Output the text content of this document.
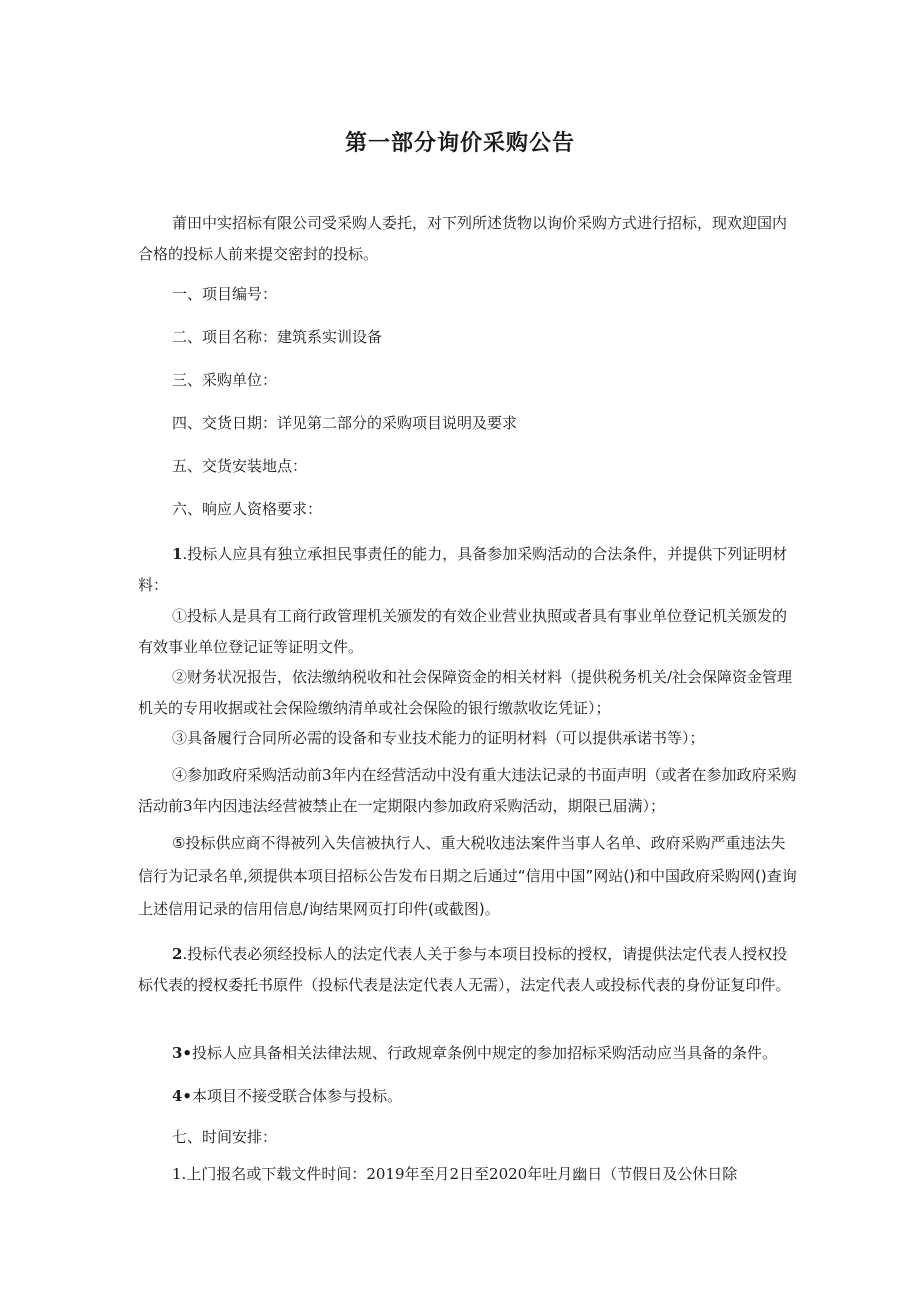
第一部分询价采购公告
莆田中实招标有限公司受采购人委托，对下列所述货物以询价采购方式进行招标，现欢迎国内合格的投标人前来提交密封的投标。
一、项目编号：
二、项目名称：建筑系实训设备
三、采购单位：
四、交货日期：详见第二部分的采购项目说明及要求
五、交货安装地点：
六、响应人资格要求：
1.投标人应具有独立承担民事责任的能力，具备参加采购活动的合法条件，并提供下列证明材料：
①投标人是具有工商行政管理机关颁发的有效企业营业执照或者具有事业单位登记机关颁发的有效事业单位登记证等证明文件。
②财务状况报告，依法缴纳税收和社会保障资金的相关材料（提供税务机关/社会保障资金管理机关的专用收据或社会保险缴纳清单或社会保险的银行缴款收讫凭证）；
③具备履行合同所必需的设备和专业技术能力的证明材料（可以提供承诺书等）；
④参加政府采购活动前3年内在经营活动中没有重大违法记录的书面声明（或者在参加政府采购活动前3年内因违法经营被禁止在一定期限内参加政府采购活动，期限已届满）；
⑤投标供应商不得被列入失信被执行人、重大税收违法案件当事人名单、政府采购严重违法失信行为记录名单,须提供本项目招标公告发布日期之后通过“信用中国”网站()和中国政府采购网()查询上述信用记录的信用信息/询结果网页打印件(或截图)。
2.投标代表必须经投标人的法定代表人关于参与本项目投标的授权，请提供法定代表人授权投标代表的授权委托书原件（投标代表是法定代表人无需），法定代表人或投标代表的身份证复印件。
3•投标人应具备相关法律法规、行政规章条例中规定的参加招标采购活动应当具备的条件。
4•本项目不接受联合体参与投标。
七、时间安排：
1.上门报名或下载文件时间：2019年至月2日至2020年吐月幽日（节假日及公休日除
